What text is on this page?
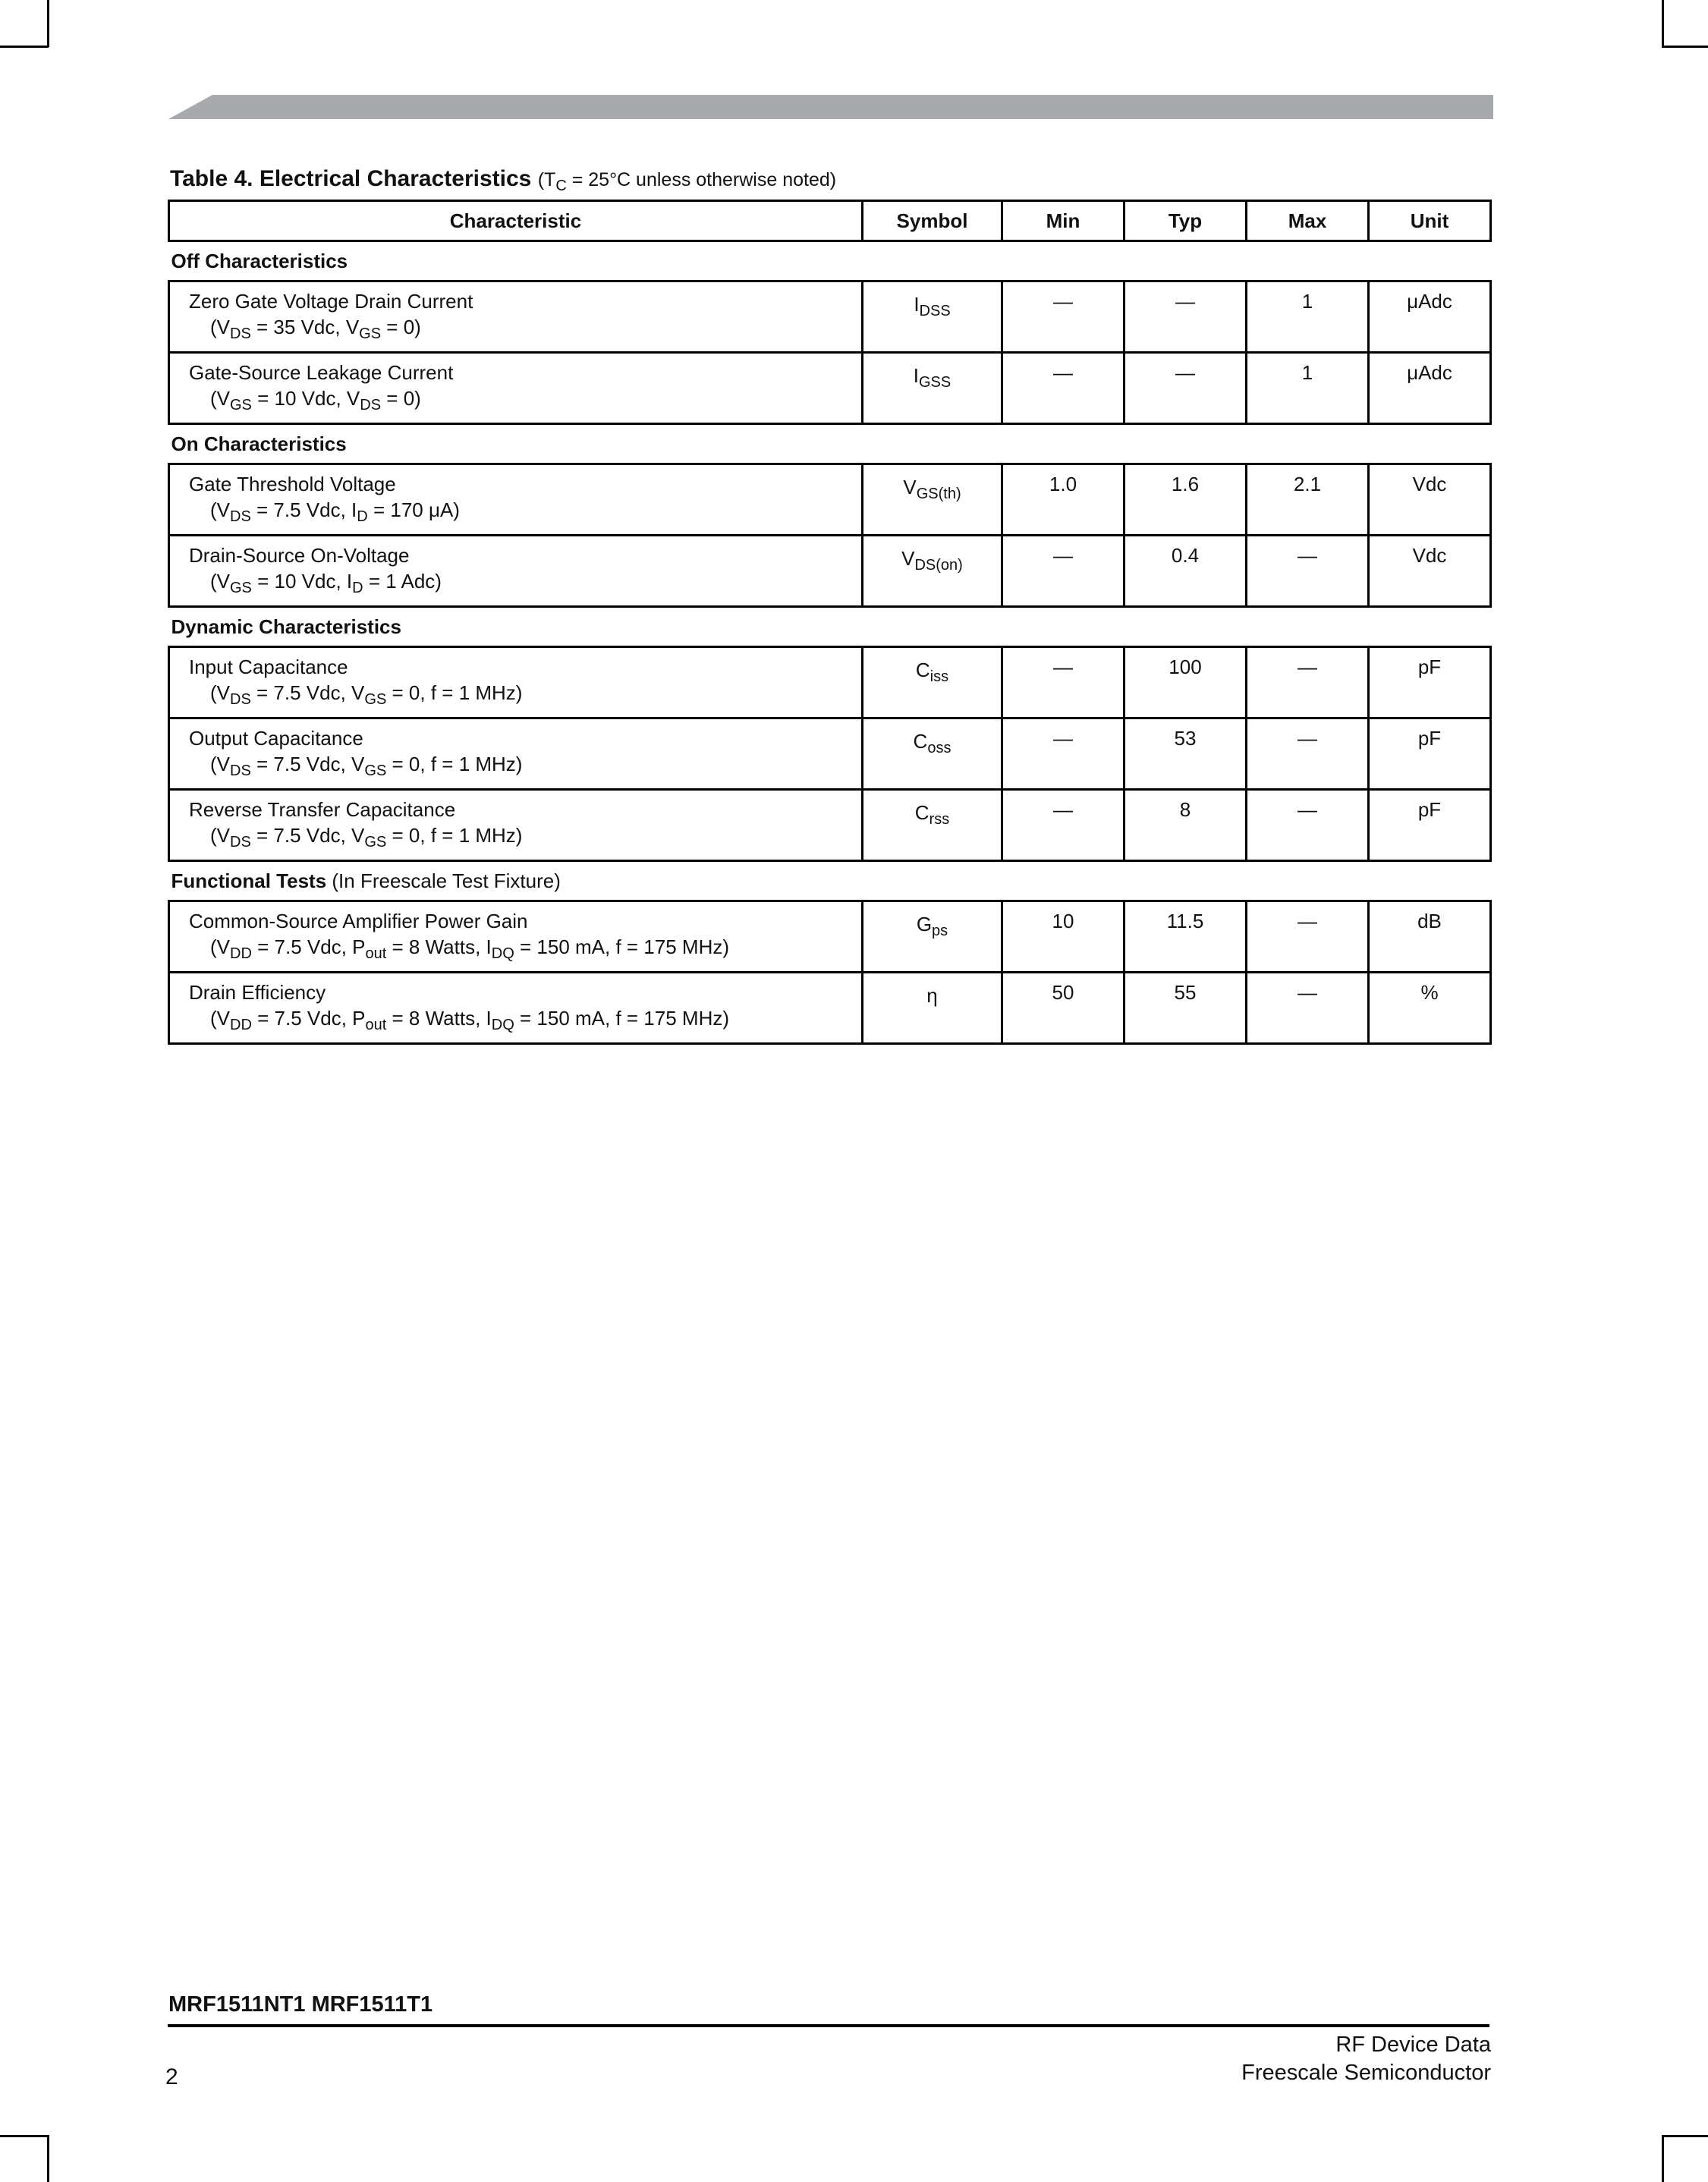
Table 4. Electrical Characteristics ($T_C = 25^\circ C$ unless otherwise noted)
Characteristic	Symbol	Min	Typ	Max	Unit
Off Characteristics					
Zero Gate Voltage Drain Current
($V_{DS} = 35$ Vdc, $V_{GS} = 0$)	$I_{DSS}$	—	—	1	μAdc
Gate-Source Leakage Current
($V_{GS} = 10$ Vdc, $V_{DS} = 0$)	$I_{GSS}$	—	—	1	μAdc
On Characteristics					
Gate Threshold Voltage
($V_{DS} = 7.5$ Vdc, $I_D = 170$ μA)	$V_{GS(th)}$	1.0	1.6	2.1	Vdc
Drain-Source On-Voltage
($V_{GS} = 10$ Vdc, $I_D = 1$ Adc)	$V_{DS(on)}$	—	0.4	—	Vdc
Dynamic Characteristics					
Input Capacitance
($V_{DS} = 7.5$ Vdc, $V_{GS} = 0$, f = 1 MHz)	$C_{iss}$	—	100	—	pF
Output Capacitance
($V_{DS} = 7.5$ Vdc, $V_{GS} = 0$, f = 1 MHz)	$C_{oss}$	—	53	—	pF
Reverse Transfer Capacitance
($V_{DS} = 7.5$ Vdc, $V_{GS} = 0$, f = 1 MHz)	$C_{rss}$	—	8	—	pF
Functional Tests (In Freescale Test Fixture)					
Common-Source Amplifier Power Gain
($V_{DD} = 7.5$ Vdc, $P_{out} = 8$ Watts, $I_{DQ} = 150$ mA, f = 175 MHz)	$G_{ps}$	10	11.5	—	dB
Drain Efficiency
($V_{DD} = 7.5$ Vdc, $P_{out} = 8$ Watts, $I_{DQ} = 150$ mA, f = 175 MHz)	η	50	55	—	%
MRF1511NT1 MRF1511T1
RF Device Data
Freescale Semiconductor
2
